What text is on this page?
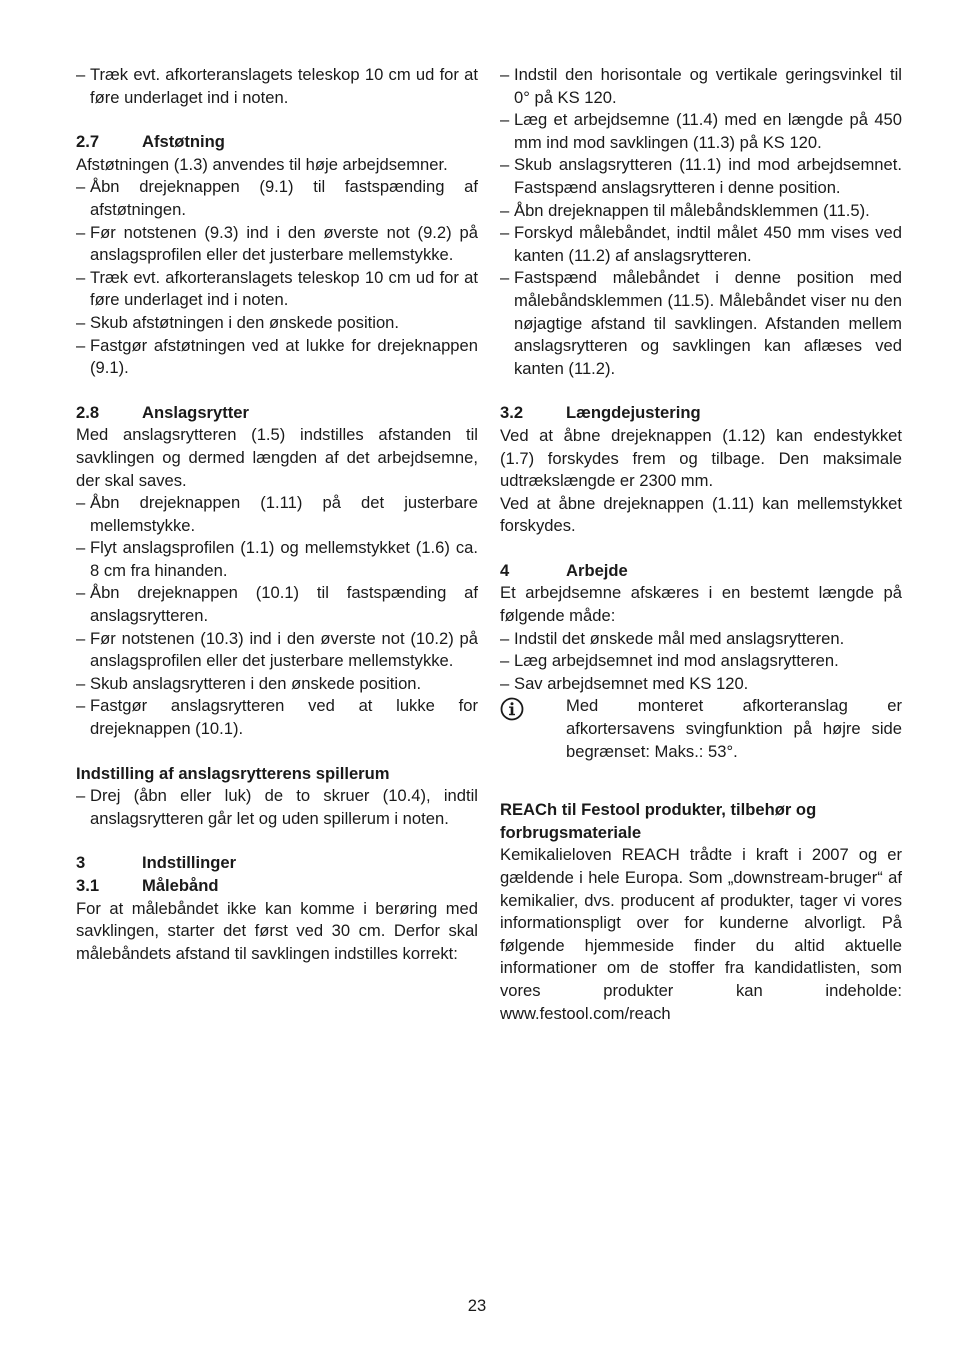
– Træk evt. afkorteranslagets teleskop 10 cm ud for at føre underlaget ind i noten.
2.7	Afstøtning

Afstøtningen (1.3) anvendes til høje arbejdsemner.

– Åbn drejeknappen (9.1) til fastspænding af afstøtningen.
– Før notstenen (9.3) ind i den øverste not (9.2) på anslagsprofilen eller det justerbare mellemstykke.
– Træk evt. afkorteranslagets teleskop 10 cm ud for at føre underlaget ind i noten.
– Skub afstøtningen i den ønskede position.
– Fastgør afstøtningen ved at lukke for drejeknappen (9.1).
2.8	Anslagsrytter

Med anslagsrytteren (1.5) indstilles afstanden til savklingen og dermed længden af det arbejdsemne, der skal saves.

– Åbn drejeknappen (1.11) på det justerbare mellemstykke.
– Flyt anslagsprofilen (1.1) og mellemstykket (1.6) ca. 8 cm fra hinanden.
– Åbn drejeknappen (10.1) til fastspænding af anslagsrytteren.
– Før notstenen (10.3) ind i den øverste not (10.2) på anslagsprofilen eller det justerbare mellemstykke.
– Skub anslagsrytteren i den ønskede position.
– Fastgør anslagsrytteren ved at lukke for drejeknappen (10.1).
Indstilling af anslagsrytterens spillerum
– Drej (åbn eller luk) de to skruer (10.4), indtil anslagsrytteren går let og uden spillerum i noten.
3	Indstillinger
3.1	Målebånd

For at målebåndet ikke kan komme i berøring med savklingen, starter det først ved 30 cm. Derfor skal målebåndets afstand til savklingen indstilles korrekt:

– Indstil den horisontale og vertikale geringsvinkel til 0° på KS 120.
– Læg et arbejdsemne (11.4) med en længde på 450 mm ind mod savklingen (11.3) på KS 120.
– Skub anslagsrytteren (11.1) ind mod arbejdsemnet. Fastspænd anslagsrytteren i denne position.
– Åbn drejeknappen til målebåndsklemmen (11.5).
– Forskyd målebåndet, indtil målet 450 mm vises ved kanten (11.2) af anslagsrytteren.
– Fastspænd målebåndet i denne position med målebåndsklemmen (11.5). Målebåndet viser nu den nøjagtige afstand til savklingen. Afstanden mellem anslagsrytteren og savklingen kan aflæses ved kanten (11.2).
3.2	Længdejustering

Ved at åbne drejeknappen (1.12) kan endestykket (1.7) forskydes frem og tilbage. Den maksimale udtrækslængde er 2300 mm.

Ved at åbne drejeknappen (1.11) kan mellemstykket forskydes.

4	Arbejde

Et arbejdsemne afskæres i en bestemt længde på følgende måde:

– Indstil det ønskede mål med anslagsrytteren.
– Læg arbejdsemnet ind mod anslagsrytteren.
– Sav arbejdsemnet med KS 120.
Med monteret afkorteranslag er afkortersavens svingfunktion på højre side begrænset: Maks.: 53°.
REACh til Festool produkter, tilbehør og forbrugsmateriale

Kemikalieloven REACH trådte i kraft i 2007 og er gældende i hele Europa. Som „downstream-bruger“ af kemikalier, dvs. producent af produkter, tager vi vores informationspligt over for kunderne alvorligt. På følgende hjemmeside finder du altid aktuelle informationer om de stoffer fra kandidatlisten, som vores produkter kan indeholde: www.festool.com/reach

23
